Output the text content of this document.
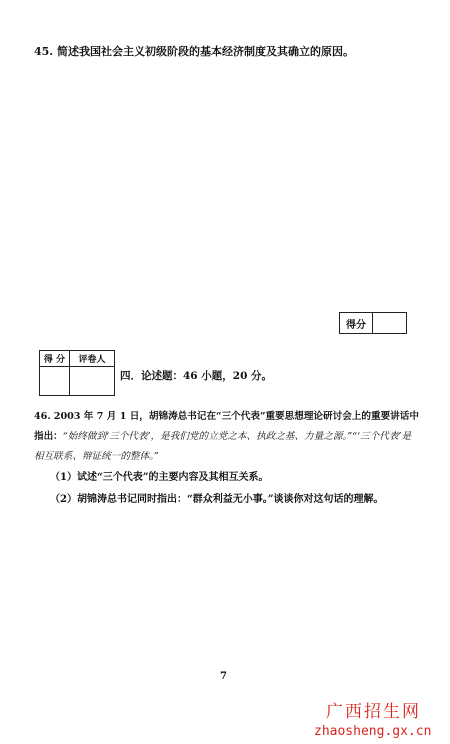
45. 简述我国社会主义初级阶段的基本经济制度及其确立的原因。
得分
得 分	评卷人
四．论述题：46 小题，20 分。
46. 2003 年 7 月 1 日，胡锦涛总书记在“三个代表”重要思想理论研讨会上的重要讲话中指出：“始终做到‘三个代表’，是我们党的立党之本、执政之基、力量之源。”“‘三个代表’是相互联系、辩证统一的整体。”
（1）试述“三个代表”的主要内容及其相互关系。
（2）胡锦涛总书记同时指出：“群众利益无小事。”谈谈你对这句话的理解。
7
广西招生网
zhaosheng.gx.cn
